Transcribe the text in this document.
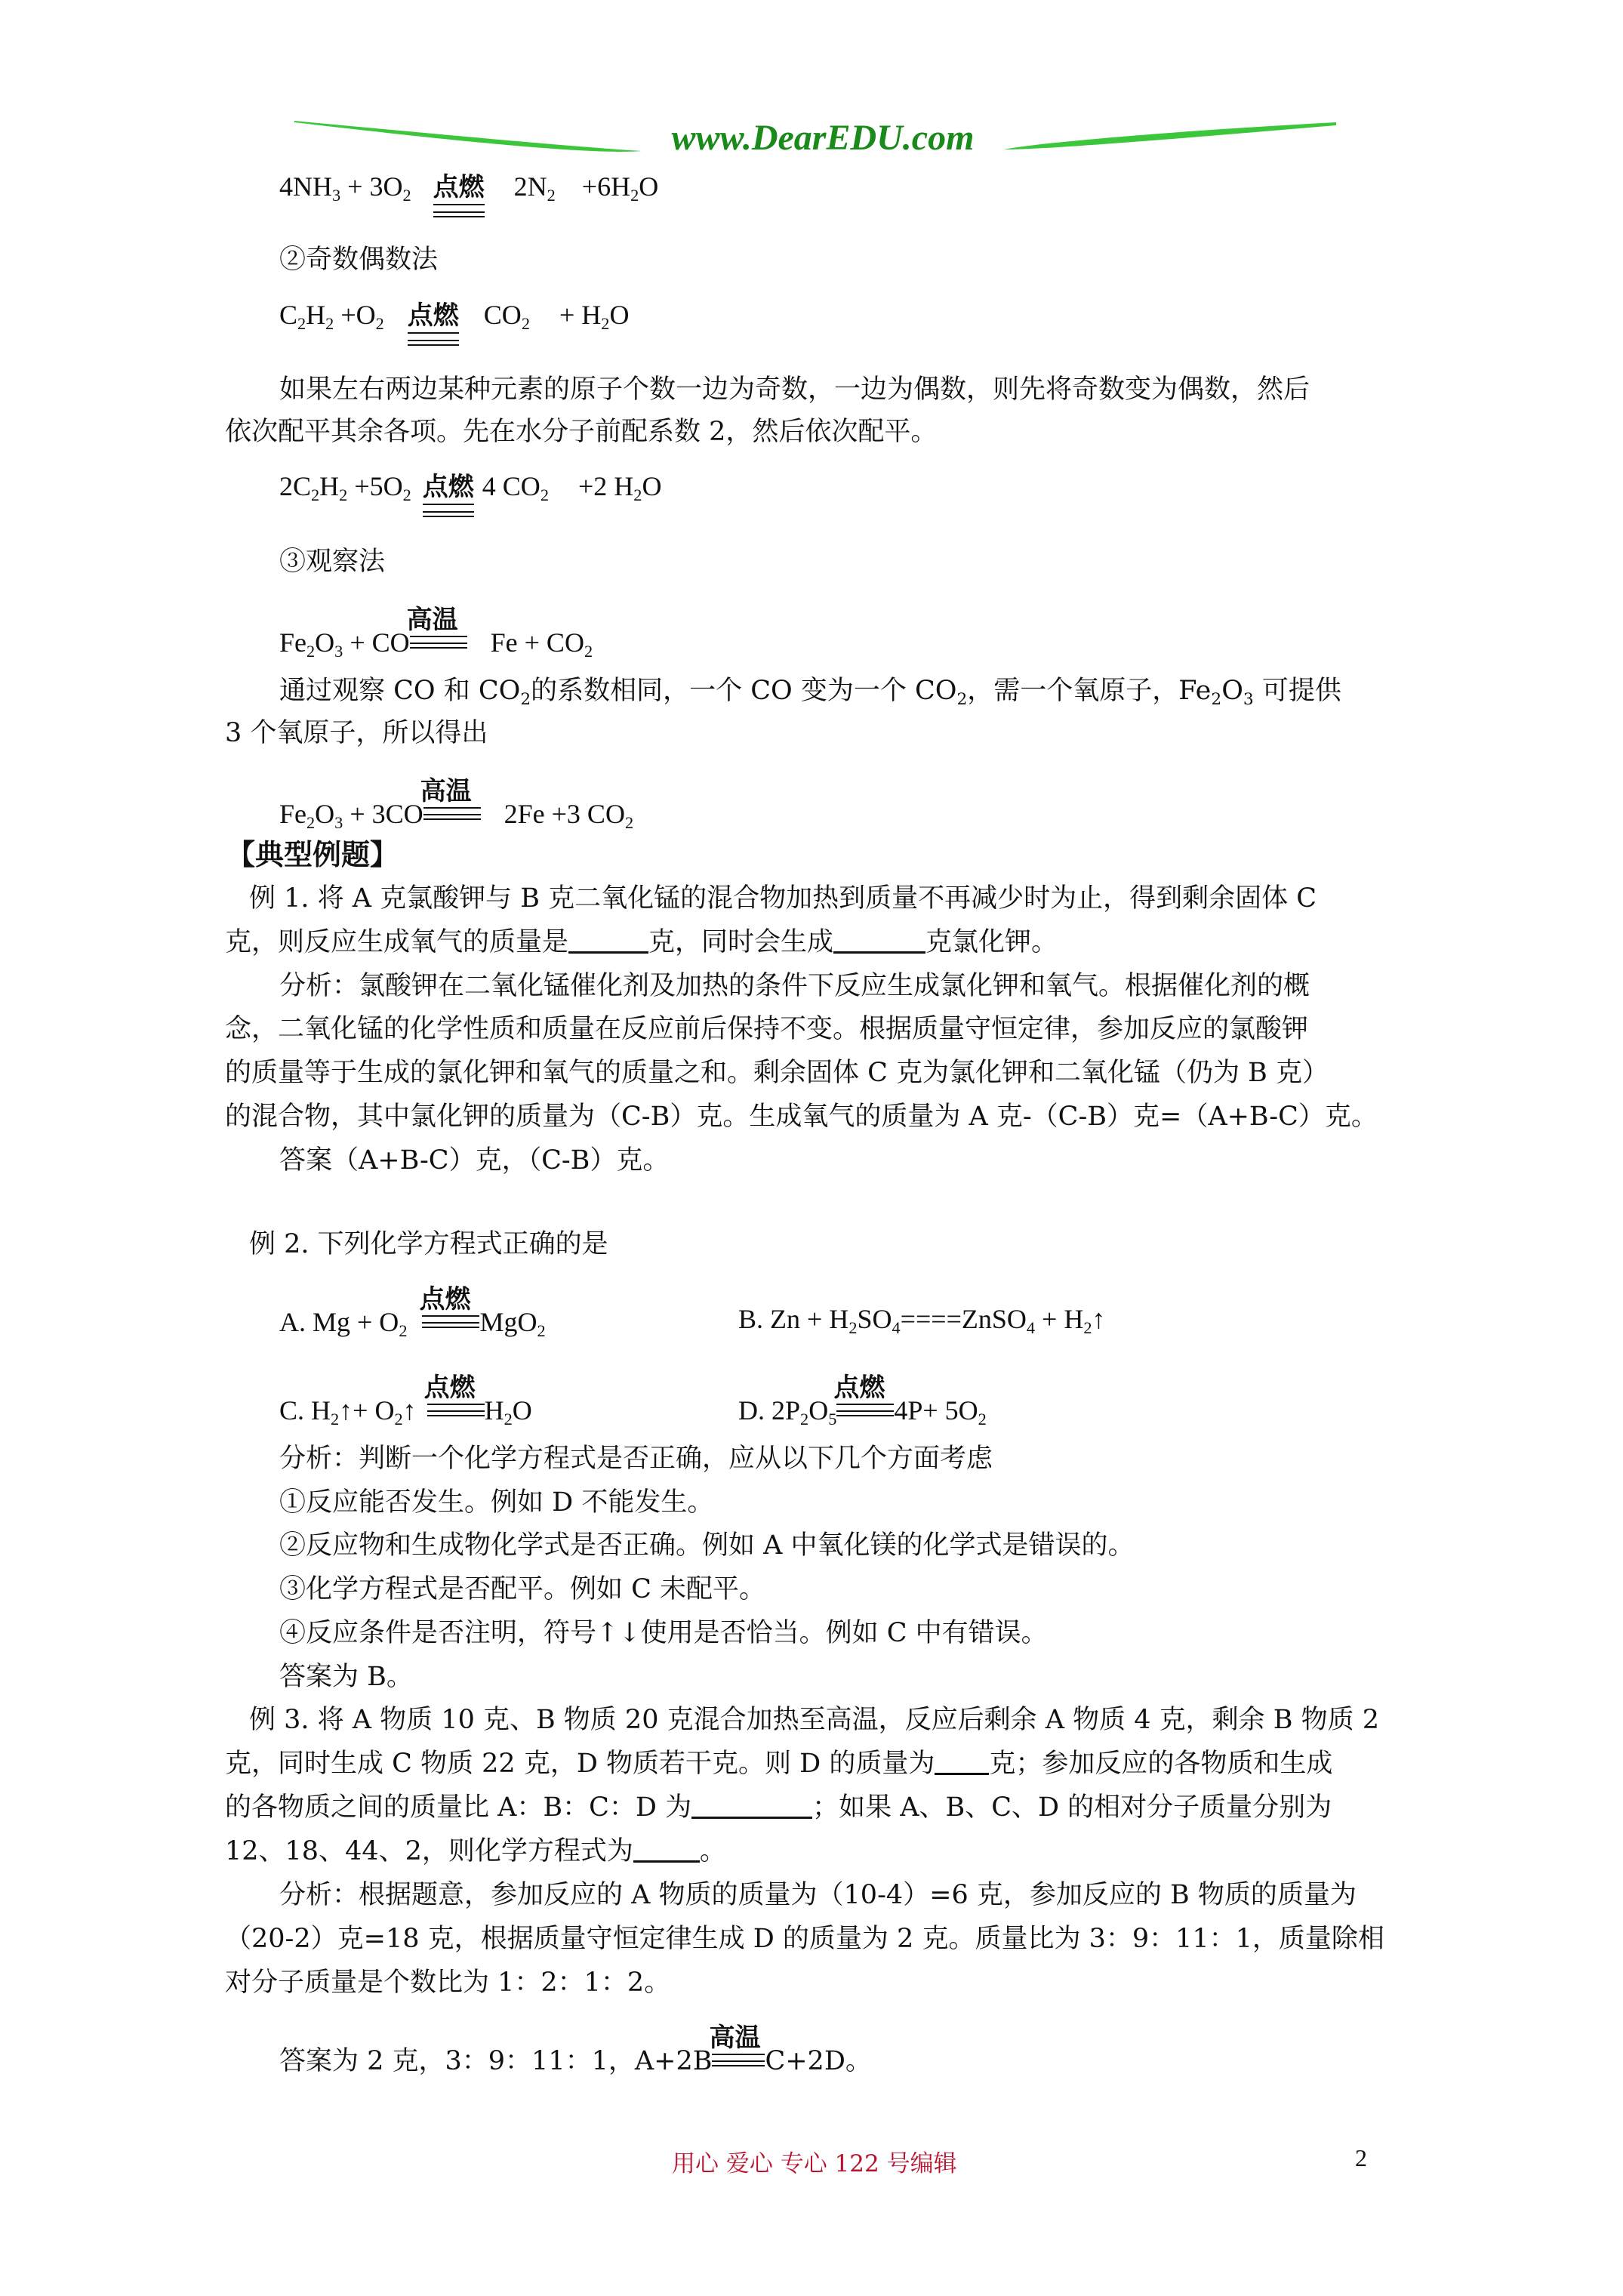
www.DearEDU.com
$4NH_3 + 3O_2$ 点燃 $2N_2 +6H_2O$
②奇数偶数法
$C_2H_2 +O_2$ 点燃 $CO_2 + H_2O$
如果左右两边某种元素的原子个数一边为奇数，一边为偶数，则先将奇数变为偶数，然后
依次配平其余各项。先在水分子前配系数 2，然后依次配平。
$2C_2H_2 +5O_2$ 点燃 4 $CO_2 +2$ $H_2O$
③观察法
$Fe_2O_3$ + CO
高温
$Fe + CO_2$
通过观察 CO 和 $CO_2$的系数相同，一个 CO 变为一个 $CO_2$，需一个氧原子，$Fe_2O_3$ 可提供
3 个氧原子，所以得出
$Fe_2O_3 + 3CO$
高温
2Fe +3 $CO_2$
【典型例题】
例 1. 将 A 克氯酸钾与 B 克二氧化锰的混合物加热到质量不再减少时为止，得到剩余固体 C
克，则反应生成氧气的质量是	克，同时会生成	克氯化钾。
分析：氯酸钾在二氧化锰催化剂及加热的条件下反应生成氯化钾和氧气。根据催化剂的概
念，二氧化锰的化学性质和质量在反应前后保持不变。根据质量守恒定律，参加反应的氯酸钾
的质量等于生成的氯化钾和氧气的质量之和。剩余固体 C 克为氯化钾和二氧化锰（仍为 B 克）
的混合物，其中氯化钾的质量为（C-B）克。生成氧气的质量为 A 克-（C-B）克=（A+B-C）克。
答案（A+B-C）克，（C-B）克。
例 2. 下列化学方程式正确的是
A. $Mg + O_2$
点燃
MgO$_2$	B. $Zn + H_2SO_4====ZnSO_4$ + $H_2↑$
C. $H_2↑+$ $O_2↑$
点燃
$H_2O$	D. $2P_2O_5$
点燃
$4P+ 5O_2$
分析：判断一个化学方程式是否正确，应从以下几个方面考虑
①反应能否发生。例如 D 不能发生。
②反应物和生成物化学式是否正确。例如 A 中氧化镁的化学式是错误的。
③化学方程式是否配平。例如 C 未配平。
④反应条件是否注明，符号↑↓使用是否恰当。例如 C 中有错误。
答案为 B。
例 3. 将 A 物质 10 克、B 物质 20 克混合加热至高温，反应后剩余 A 物质 4 克，剩余 B 物质 2
克，同时生成 C 物质 22 克，D 物质若干克。则 D 的质量为 克；参加反应的各物质和生成
的各物质之间的质量比 A：B：C：D 为	；如果 A、B、C、D 的相对分子质量分别为
12、18、44、2，则化学方程式为	。
分析：根据题意，参加反应的 A 物质的质量为（10-4）=6 克，参加反应的 B 物质的质量为
（20-2）克=18 克，根据质量守恒定律生成 D 的质量为 2 克。质量比为 3：9：11：1，质量除相
对分子质量是个数比为 1：2：1：2。
答案为 2 克，3：9：11：1，A+2B
高温
C+2D。
用心 爱心 专心 122 号编辑	2
